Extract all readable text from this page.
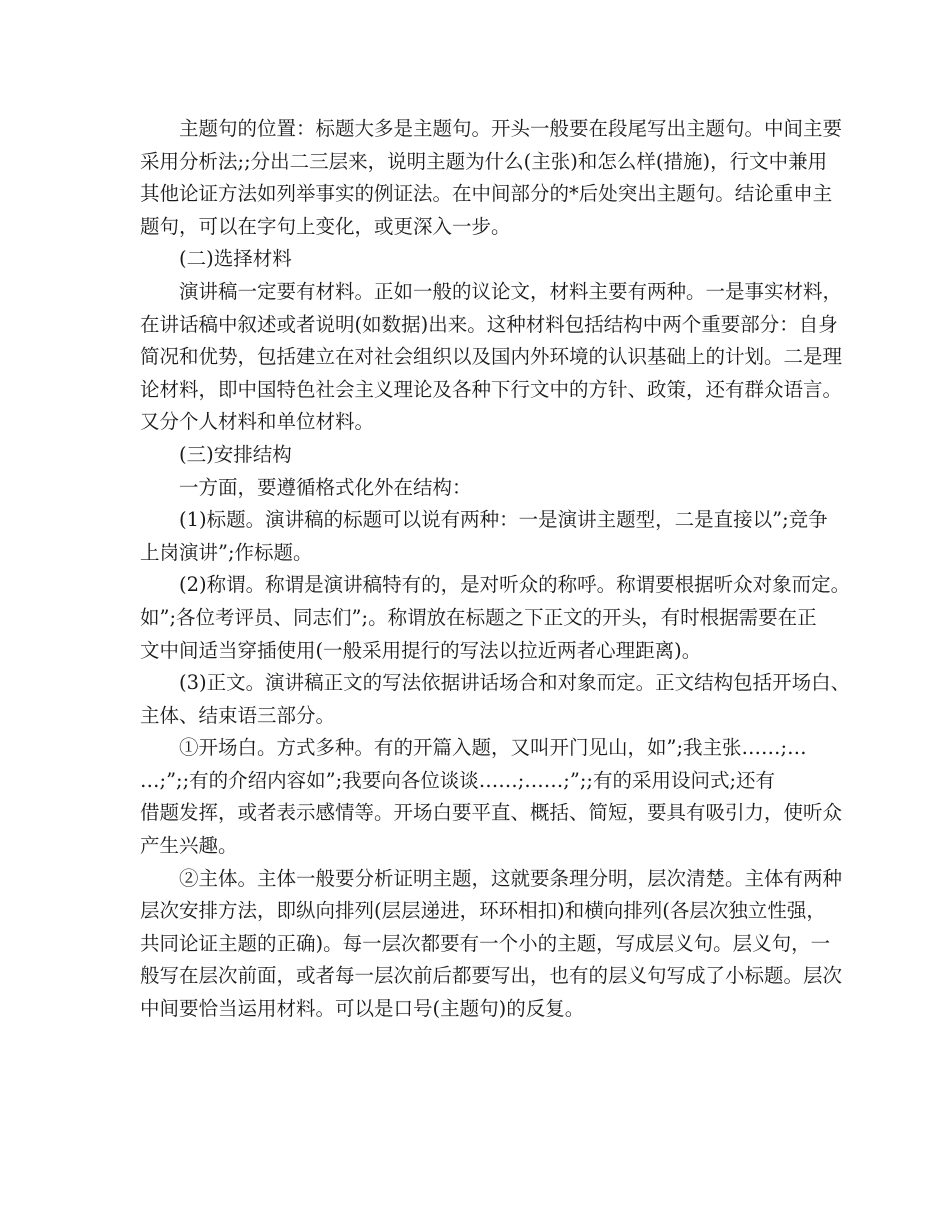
主题句的位置：标题大多是主题句。开头一般要在段尾写出主题句。中间主要
采用分析法;;分出二三层来，说明主题为什么(主张)和怎么样(措施)，行文中兼用
其他论证方法如列举事实的例证法。在中间部分的*后处突出主题句。结论重申主
题句，可以在字句上变化，或更深入一步。

(二)选择材料

演讲稿一定要有材料。正如一般的议论文，材料主要有两种。一是事实材料，
在讲话稿中叙述或者说明(如数据)出来。这种材料包括结构中两个重要部分：自身
简况和优势，包括建立在对社会组织以及国内外环境的认识基础上的计划。二是理
论材料，即中国特色社会主义理论及各种下行文中的方针、政策，还有群众语言。
又分个人材料和单位材料。

(三)安排结构

一方面，要遵循格式化外在结构：

(1)标题。演讲稿的标题可以说有两种：一是演讲主题型，二是直接以”;竞争
上岗演讲”;作标题。

(2)称谓。称谓是演讲稿特有的，是对听众的称呼。称谓要根据听众对象而定。
如”;各位考评员、同志们”;。称谓放在标题之下正文的开头，有时根据需要在正
文中间适当穿插使用(一般采用提行的写法以拉近两者心理距离)。

(3)正文。演讲稿正文的写法依据讲话场合和对象而定。正文结构包括开场白、
主体、结束语三部分。

①开场白。方式多种。有的开篇入题，又叫开门见山，如”;我主张……;…
…;”;;有的介绍内容如”;我要向各位谈谈……;……;”;;有的采用设问式;还有
借题发挥，或者表示感情等。开场白要平直、概括、简短，要具有吸引力，使听众
产生兴趣。

②主体。主体一般要分析证明主题，这就要条理分明，层次清楚。主体有两种
层次安排方法，即纵向排列(层层递进，环环相扣)和横向排列(各层次独立性强，
共同论证主题的正确)。每一层次都要有一个小的主题，写成层义句。层义句，一
般写在层次前面，或者每一层次前后都要写出，也有的层义句写成了小标题。层次
中间要恰当运用材料。可以是口号(主题句)的反复。
